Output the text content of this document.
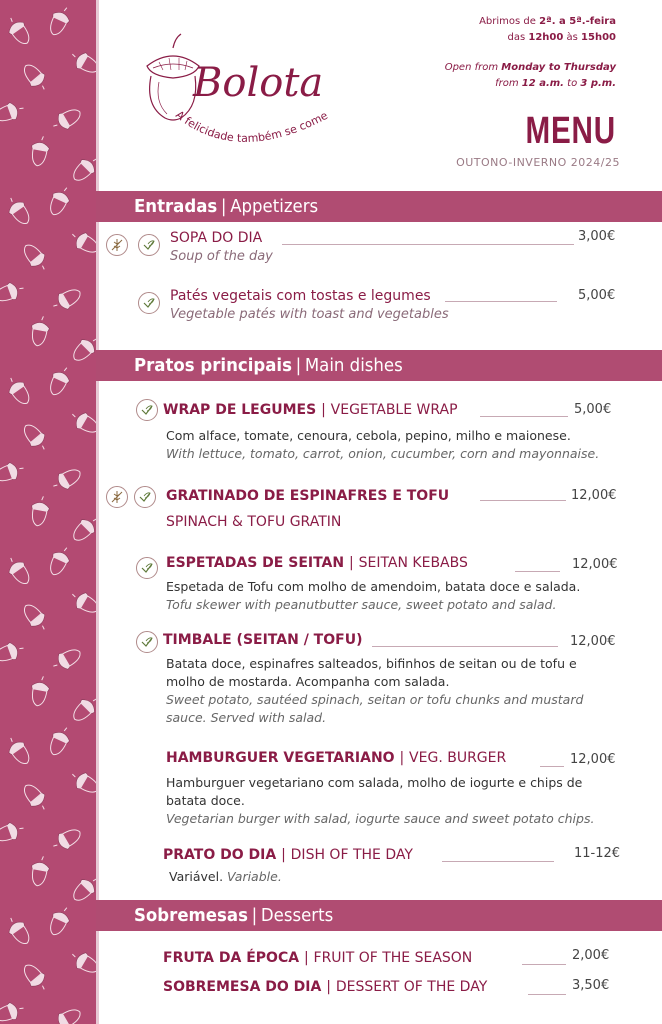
Abrimos de 2ª. a 5ª.-feira
das 12h00 às 15h00
Open from Monday to Thursday
from 12 a.m. to 3 p.m.
Bolota
A felicidade também se come	MENU
OUTONO-INVERNO 2024/25
Entradas | Appetizers
SOPA DO DIA	3,00€
Soup of the day
Patés vegetais com tostas e legumes	5,00€
Vegetable patés with toast and vegetables
Pratos principais | Main dishes
WRAP DE LEGUMES | VEGETABLE WRAP	5,00€
Com alface, tomate, cenoura, cebola, pepino, milho e maionese.
With lettuce, tomato, carrot, onion, cucumber, corn and mayonnaise.
GRATINADO DE ESPINAFRES E TOFU	12,00€
SPINACH & TOFU GRATIN
ESPETADAS DE SEITAN | SEITAN KEBABS	12,00€
Espetada de Tofu com molho de amendoim, batata doce e salada.
Tofu skewer with peanutbutter sauce, sweet potato and salad.
TIMBALE (SEITAN / TOFU)	12,00€
Batata doce, espinafres salteados, bifinhos de seitan ou de tofu e
molho de mostarda. Acompanha com salada.
Sweet potato, sautéed spinach, seitan or tofu chunks and mustard
sauce. Served with salad.
HAMBURGUER VEGETARIANO | VEG. BURGER	12,00€
Hamburguer vegetariano com salada, molho de iogurte e chips de
batata doce.
Vegetarian burger with salad, iogurte sauce and sweet potato chips.
PRATO DO DIA | DISH OF THE DAY	11-12€
Variável. Variable.
Sobremesas | Desserts
FRUTA DA ÉPOCA | FRUIT OF THE SEASON	2,00€
SOBREMESA DO DIA | DESSERT OF THE DAY	3,50€
